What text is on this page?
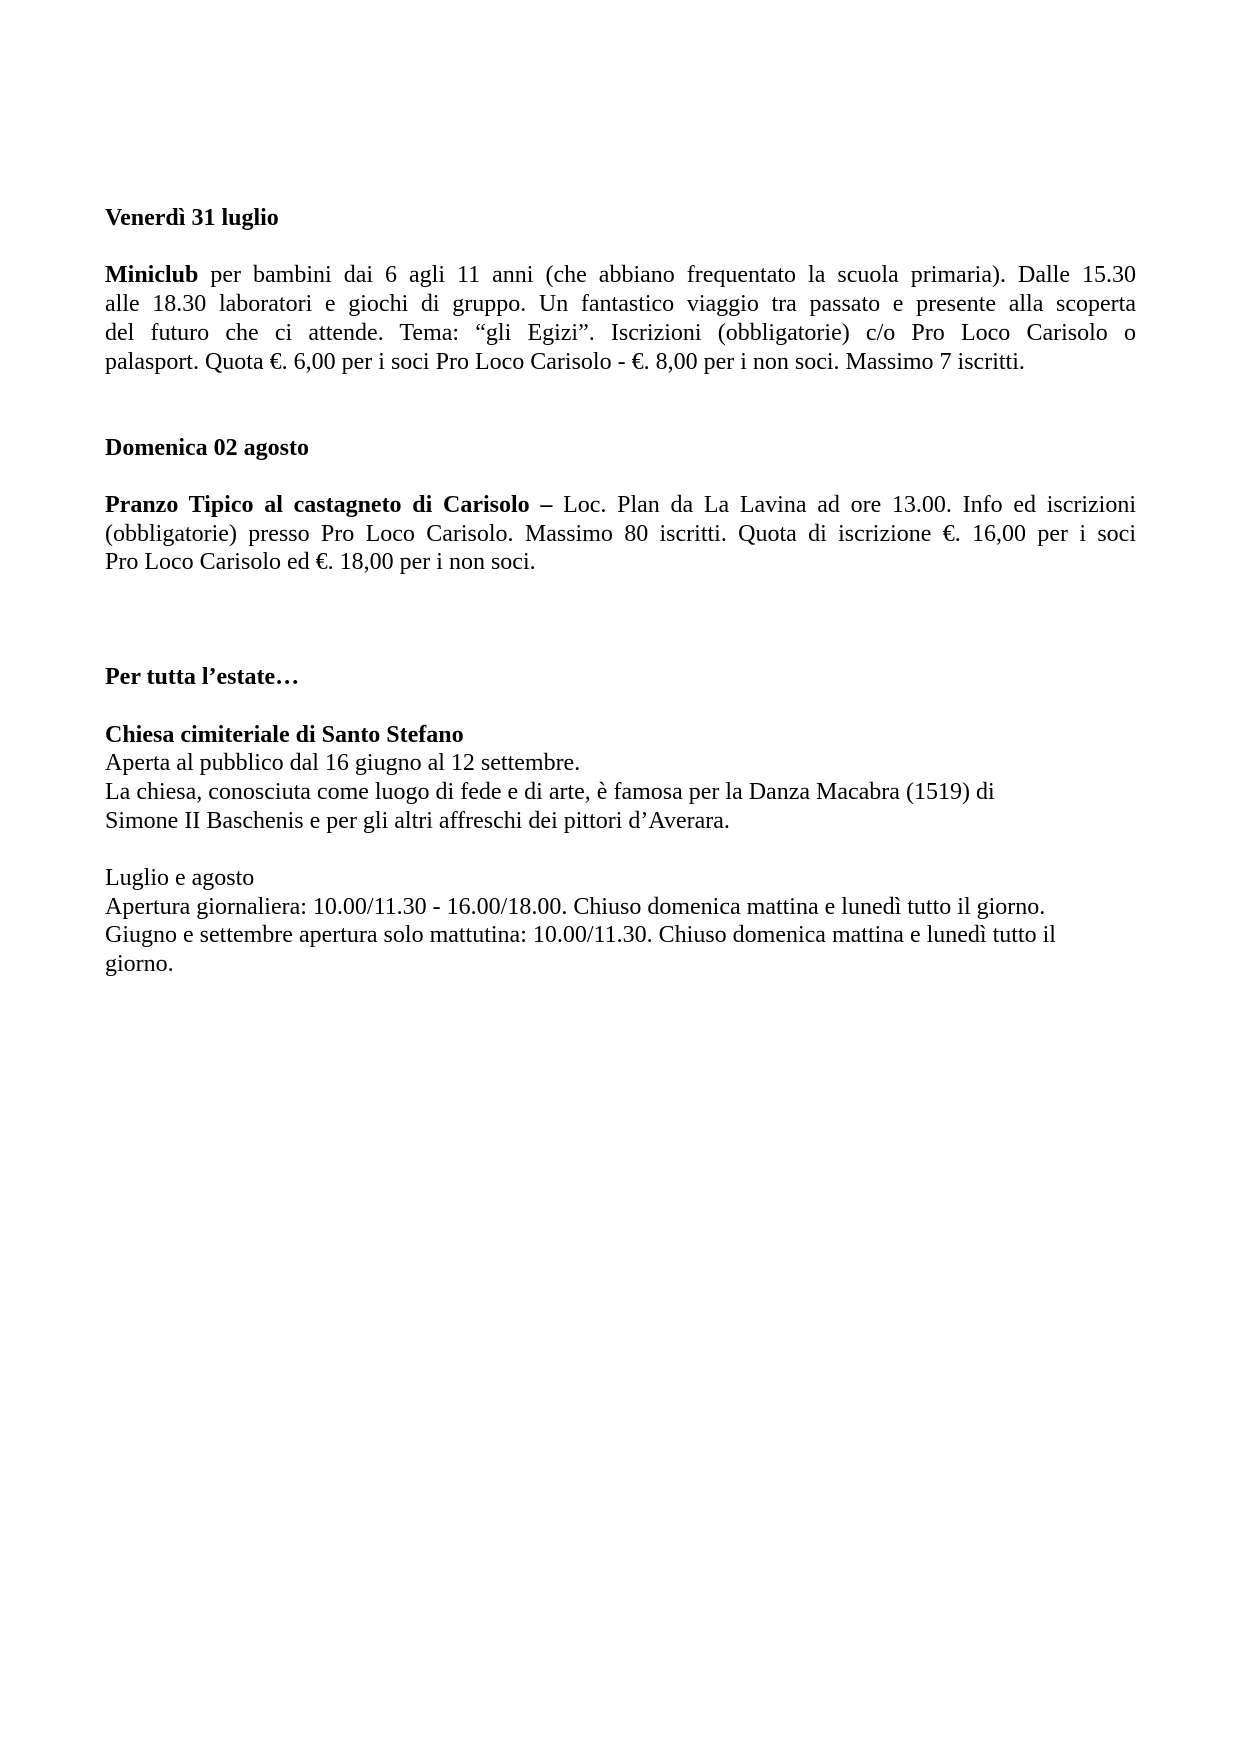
Venerdì 31 luglio
Miniclub per bambini dai 6 agli 11 anni (che abbiano frequentato la scuola primaria). Dalle 15.30
alle 18.30 laboratori e giochi di gruppo. Un fantastico viaggio tra passato e presente alla scoperta
del futuro che ci attende. Tema: “gli Egizi”. Iscrizioni (obbligatorie) c/o Pro Loco Carisolo o
palasport. Quota €. 6,00 per i soci Pro Loco Carisolo - €. 8,00 per i non soci. Massimo 7 iscritti.
Domenica 02 agosto
Pranzo Tipico al castagneto di Carisolo – Loc. Plan da La Lavina ad ore 13.00. Info ed iscrizioni
(obbligatorie) presso Pro Loco Carisolo. Massimo 80 iscritti. Quota di iscrizione €. 16,00 per i soci
Pro Loco Carisolo ed €. 18,00 per i non soci.
Per tutta l’estate…
Chiesa cimiteriale di Santo Stefano
Aperta al pubblico dal 16 giugno al 12 settembre.
La chiesa, conosciuta come luogo di fede e di arte, è famosa per la Danza Macabra (1519) di
Simone II Baschenis e per gli altri affreschi dei pittori d’Averara.
Luglio e agosto
Apertura giornaliera: 10.00/11.30 - 16.00/18.00. Chiuso domenica mattina e lunedì tutto il giorno.
Giugno e settembre apertura solo mattutina: 10.00/11.30. Chiuso domenica mattina e lunedì tutto il
giorno.
